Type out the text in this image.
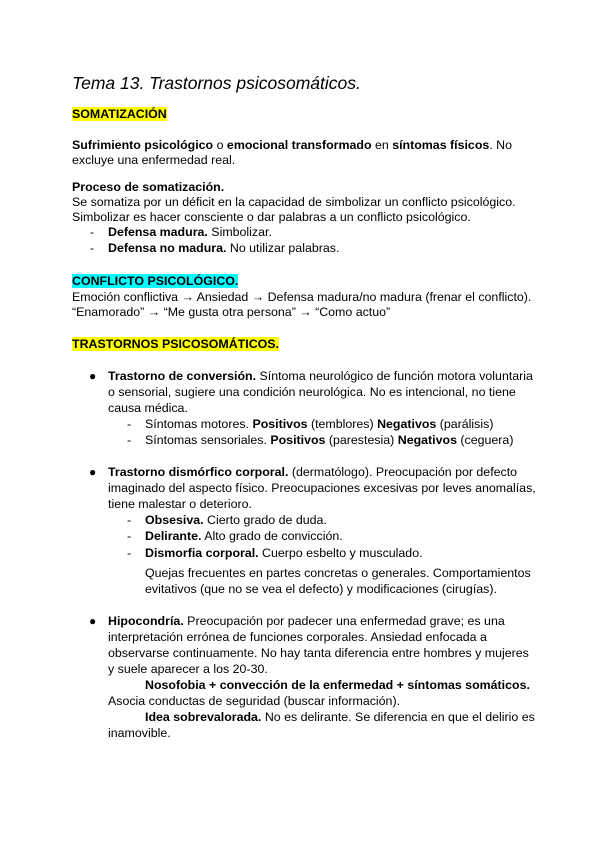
Tema 13. Trastornos psicosomáticos.
SOMATIZACIÓN
Sufrimiento psicológico o emocional transformado en síntomas físicos. No
excluye una enfermedad real.
Proceso de somatización.
Se somatiza por un déficit en la capacidad de simbolizar un conflicto psicológico.
Simbolizar es hacer consciente o dar palabras a un conflicto psicológico.
- Defensa madura. Simbolizar.
- Defensa no madura. No utilizar palabras.
CONFLICTO PSICOLÓGICO.
Emoción conflictiva → Ansiedad → Defensa madura/no madura (frenar el conflicto).
“Enamorado” → “Me gusta otra persona” → “Como actuo”
TRASTORNOS PSICOSOMÁTICOS.
● Trastorno de conversión. Síntoma neurológico de función motora voluntaria
o sensorial, sugiere una condición neurológica. No es intencional, no tiene
causa médica.
- Síntomas motores. Positivos (temblores) Negativos (parálisis)
- Síntomas sensoriales. Positivos (parestesia) Negativos (ceguera)
● Trastorno dismórfico corporal. (dermatólogo). Preocupación por defecto
imaginado del aspecto físico. Preocupaciones excesivas por leves anomalías,
tiene malestar o deterioro.
- Obsesiva. Cierto grado de duda.
- Delirante. Alto grado de convicción.
- Dismorfia corporal. Cuerpo esbelto y musculado.
Quejas frecuentes en partes concretas o generales. Comportamientos
evitativos (que no se vea el defecto) y modificaciones (cirugías).
● Hipocondría. Preocupación por padecer una enfermedad grave; es una
interpretación errónea de funciones corporales. Ansiedad enfocada a
observarse continuamente. No hay tanta diferencia entre hombres y mujeres
y suele aparecer a los 20-30.
Nosofobia + convección de la enfermedad + síntomas somáticos.
Asocia conductas de seguridad (buscar información).
Idea sobrevalorada. No es delirante. Se diferencia en que el delirio es
inamovible.
